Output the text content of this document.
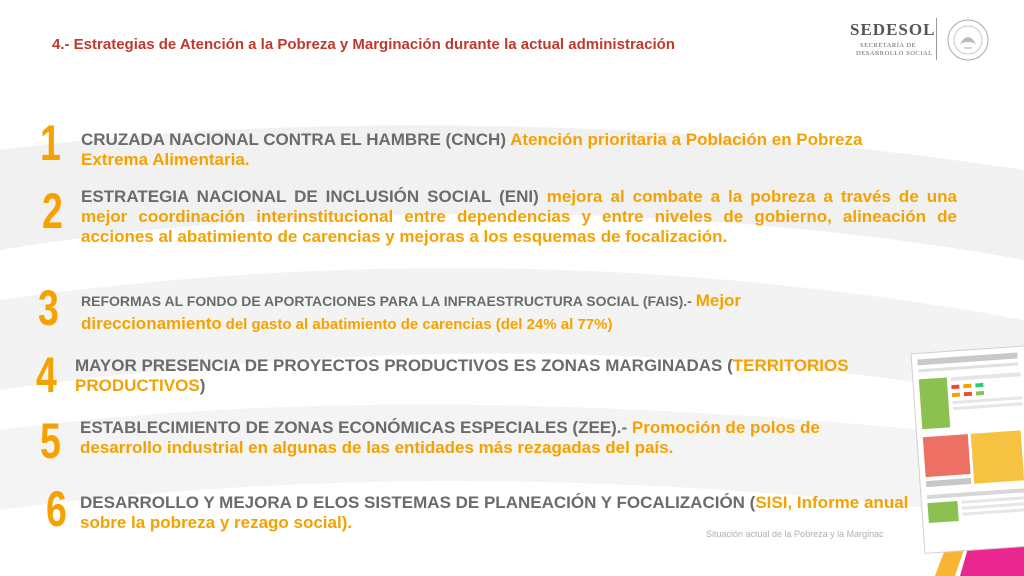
4.- Estrategias de Atención a la Pobreza y Marginación durante la actual administración
SEDESOL
SECRETARÍA DE
DESARROLLO SOCIAL
1 CRUZADA NACIONAL CONTRA EL HAMBRE (CNCH) Atención prioritaria a Población en Pobreza Extrema Alimentaria.
2 ESTRATEGIA NACIONAL DE INCLUSIÓN SOCIAL (ENI) mejora al combate a la pobreza a través de una mejor coordinación interinstitucional entre dependencias y entre niveles de gobierno, alineación de acciones al abatimiento de carencias y mejoras a los esquemas de focalización.
3 REFORMAS AL FONDO DE APORTACIONES PARA LA INFRAESTRUCTURA SOCIAL (FAIS).- Mejor direccionamiento del gasto al abatimiento de carencias (del 24% al 77%)
4 MAYOR PRESENCIA DE PROYECTOS PRODUCTIVOS ES ZONAS MARGINADAS (TERRITORIOS PRODUCTIVOS)
5 ESTABLECIMIENTO DE ZONAS ECONÓMICAS ESPECIALES (ZEE).- Promoción de polos de desarrollo industrial en algunas de las entidades más rezagadas del país.
6 DESARROLLO Y MEJORA D ELOS SISTEMAS DE PLANEACIÓN Y FOCALIZACIÓN (SISI, Informe anual sobre la pobreza y rezago social).
Situación actual de la Pobreza y la Marginac
